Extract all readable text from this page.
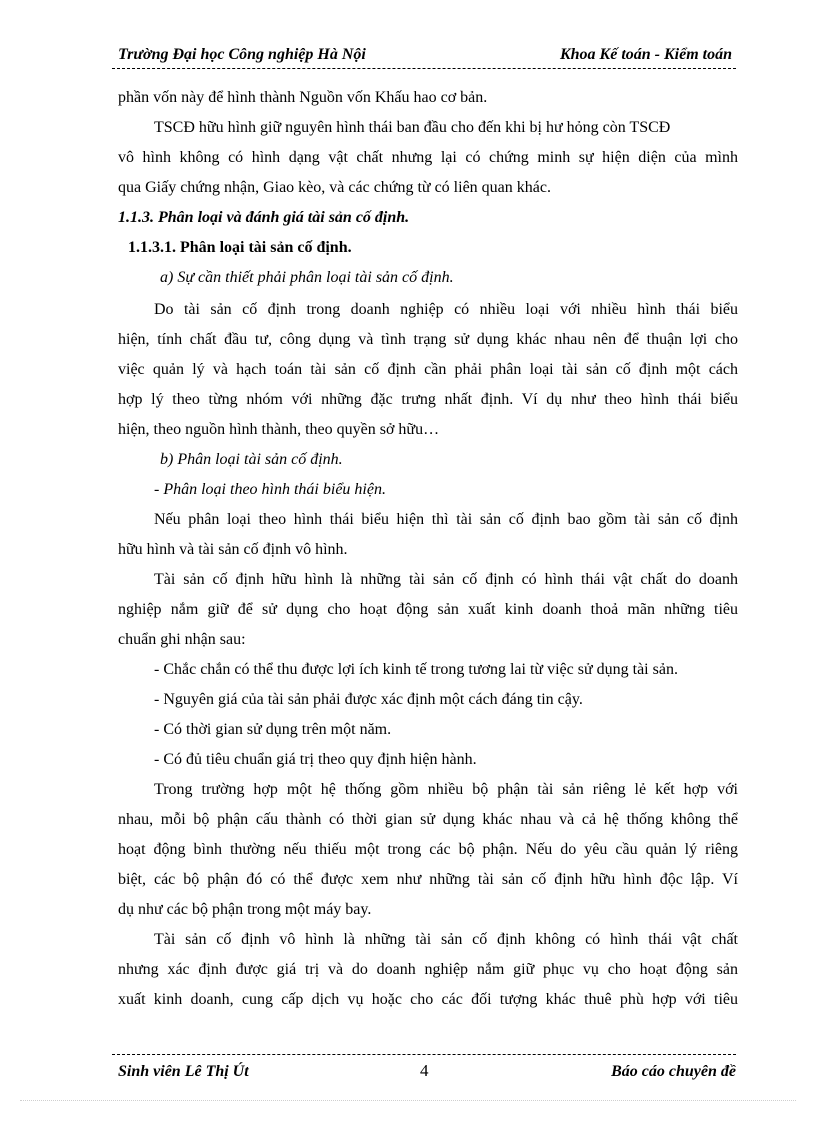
Trường Đại học Công nghiệp Hà Nội	Khoa Kế toán - Kiểm toán
phần vốn này để hình thành Nguồn vốn Khấu hao cơ bản.
TSCĐ hữu hình giữ nguyên hình thái ban đầu cho đến khi bị hư hỏng còn TSCĐ
vô hình không có hình dạng vật chất nhưng lại có chứng minh sự hiện diện của mình
qua Giấy chứng nhận, Giao kèo, và các chứng từ có liên quan khác.
1.1.3. Phân loại và đánh giá tài sản cố định.
1.1.3.1. Phân loại tài sản cố định.
a) Sự cần thiết phải phân loại tài sản cố định.
Do tài sản cố định trong doanh nghiệp có nhiều loại với nhiều hình thái biểu
hiện, tính chất đầu tư, công dụng và tình trạng sử dụng khác nhau nên để thuận lợi cho
việc quản lý và hạch toán tài sản cố định cần phải phân loại tài sản cố định một cách
hợp lý theo từng nhóm với những đặc trưng nhất định. Ví dụ như theo hình thái biểu
hiện, theo nguồn hình thành, theo quyền sở hữu…
b) Phân loại tài sản cố định.
- Phân loại theo hình thái biểu hiện.
Nếu phân loại theo hình thái biểu hiện thì tài sản cố định bao gồm tài sản cố định
hữu hình và tài sản cố định vô hình.
Tài sản cố định hữu hình là những tài sản cố định có hình thái vật chất do doanh
nghiệp nắm giữ để sử dụng cho hoạt động sản xuất kinh doanh thoả mãn những tiêu
chuẩn ghi nhận sau:
- Chắc chắn có thể thu được lợi ích kinh tế trong tương lai từ việc sử dụng tài sản.
- Nguyên giá của tài sản phải được xác định một cách đáng tin cậy.
- Có thời gian sử dụng trên một năm.
- Có đủ tiêu chuẩn giá trị theo quy định hiện hành.
Trong trường hợp một hệ thống gồm nhiều bộ phận tài sản riêng lẻ kết hợp với
nhau, mỗi bộ phận cấu thành có thời gian sử dụng khác nhau và cả hệ thống không thể
hoạt động bình thường nếu thiếu một trong các bộ phận. Nếu do yêu cầu quản lý riêng
biệt, các bộ phận đó có thể được xem như những tài sản cố định hữu hình độc lập. Ví
dụ như các bộ phận trong một máy bay.
Tài sản cố định vô hình là những tài sản cố định không có hình thái vật chất
nhưng xác định được giá trị và do doanh nghiệp nắm giữ phục vụ cho hoạt động sản
xuất kinh doanh, cung cấp dịch vụ hoặc cho các đối tượng khác thuê phù hợp với tiêu
Sinh viên Lê Thị Út	4	Báo cáo chuyên đề
